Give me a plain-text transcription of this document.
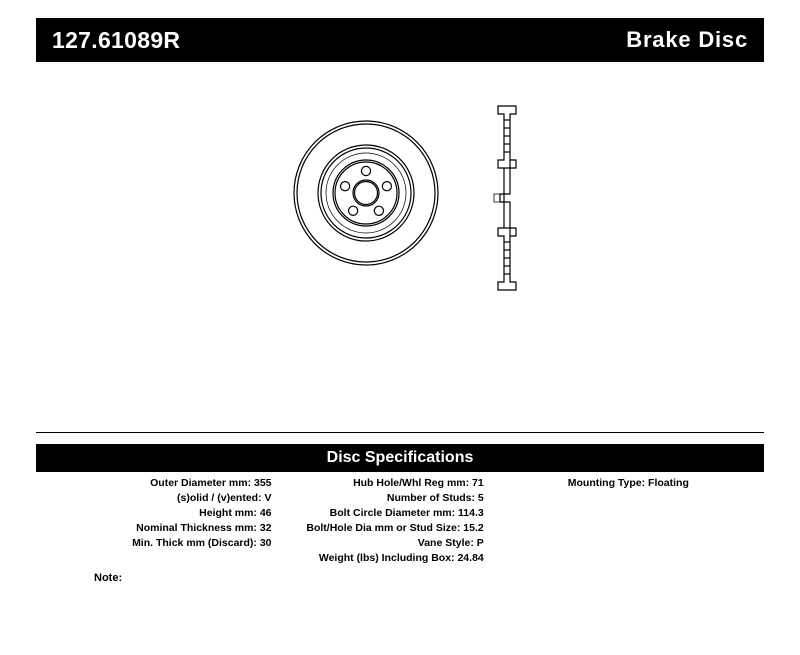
127.61089R	Brake Disc
Disc Specifications
Outer Diameter mm: 355
(s)olid / (v)ented: V
Height mm: 46
Nominal Thickness mm: 32
Min. Thick mm (Discard): 30
Hub Hole/Whl Reg mm: 71
Number of Studs: 5
Bolt Circle Diameter mm: 114.3
Bolt/Hole Dia mm or Stud Size: 15.2
Vane Style: P
Weight (lbs) Including Box: 24.84
Mounting Type: Floating
Note:
